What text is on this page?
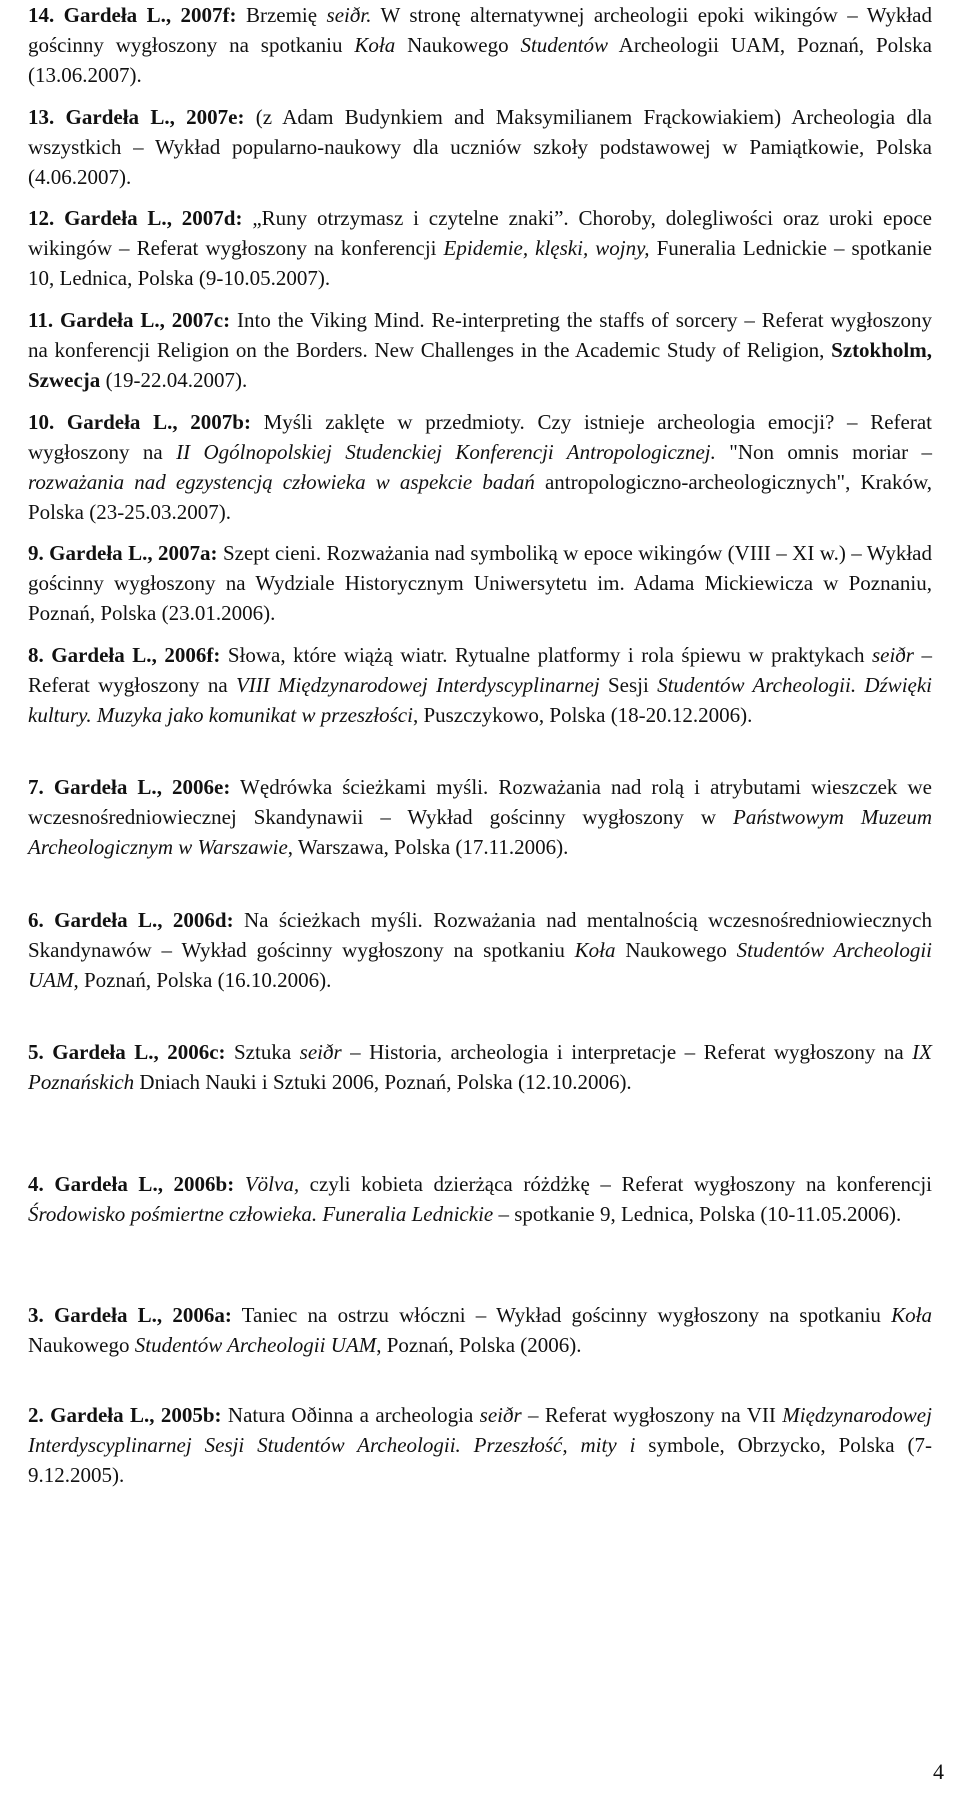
14. Gardeła L., 2007f: Brzemię seiðr. W stronę alternatywnej archeologii epoki wikingów – Wykład gościnny wygłoszony na spotkaniu Koła Naukowego Studentów Archeologii UAM, Poznań, Polska (13.06.2007).

13. Gardeła L., 2007e: (z Adam Budynkiem and Maksymilianem Frąckowiakiem) Archeologia dla wszystkich – Wykład popularno-naukowy dla uczniów szkoły podstawowej w Pamiątkowie, Polska (4.06.2007).

12. Gardeła L., 2007d: „Runy otrzymasz i czytelne znaki”. Choroby, dolegliwości oraz uroki epoce wikingów – Referat wygłoszony na konferencji Epidemie, klęski, wojny, Funeralia Lednickie – spotkanie 10, Lednica, Polska (9-10.05.2007).

11. Gardeła L., 2007c: Into the Viking Mind. Re-interpreting the staffs of sorcery – Referat wygłoszony na konferencji Religion on the Borders. New Challenges in the Academic Study of Religion, Sztokholm, Szwecja (19-22.04.2007).

10. Gardeła L., 2007b: Myśli zaklęte w przedmioty. Czy istnieje archeologia emocji? – Referat wygłoszony na II Ogólnopolskiej Studenckiej Konferencji Antropologicznej. "Non omnis moriar – rozważania nad egzystencją człowieka w aspekcie badań antropologiczno-archeologicznych", Kraków, Polska (23-25.03.2007).

9. Gardeła L., 2007a: Szept cieni. Rozważania nad symboliką w epoce wikingów (VIII – XI w.) – Wykład gościnny wygłoszony na Wydziale Historycznym Uniwersytetu im. Adama Mickiewicza w Poznaniu, Poznań, Polska (23.01.2006).

8. Gardeła L., 2006f: Słowa, które wiążą wiatr. Rytualne platformy i rola śpiewu w praktykach seiðr – Referat wygłoszony na VIII Międzynarodowej Interdyscyplinarnej Sesji Studentów Archeologii. Dźwięki kultury. Muzyka jako komunikat w przeszłości, Puszczykowo, Polska (18-20.12.2006).

7. Gardeła L., 2006e: Wędrówka ścieżkami myśli. Rozważania nad rolą i atrybutami wieszczek we wczesnośredniowiecznej Skandynawii – Wykład gościnny wygłoszony w Państwowym Muzeum Archeologicznym w Warszawie, Warszawa, Polska (17.11.2006).

6. Gardeła L., 2006d: Na ścieżkach myśli. Rozważania nad mentalnością wczesnośredniowiecznych Skandynawów – Wykład gościnny wygłoszony na spotkaniu Koła Naukowego Studentów Archeologii UAM, Poznań, Polska (16.10.2006).

5. Gardeła L., 2006c: Sztuka seiðr – Historia, archeologia i interpretacje – Referat wygłoszony na IX Poznańskich Dniach Nauki i Sztuki 2006, Poznań, Polska (12.10.2006).

4. Gardeła L., 2006b: Völva, czyli kobieta dzierżąca różdżkę – Referat wygłoszony na konferencji Środowisko pośmiertne człowieka. Funeralia Lednickie – spotkanie 9, Lednica, Polska (10-11.05.2006).

3. Gardeła L., 2006a: Taniec na ostrzu włóczni – Wykład gościnny wygłoszony na spotkaniu Koła Naukowego Studentów Archeologii UAM, Poznań, Polska (2006).

2. Gardeła L., 2005b: Natura Oðinna a archeologia seiðr – Referat wygłoszony na VII Międzynarodowej Interdyscyplinarnej Sesji Studentów Archeologii. Przeszłość, mity i symbole, Obrzycko, Polska (7-9.12.2005).

4
